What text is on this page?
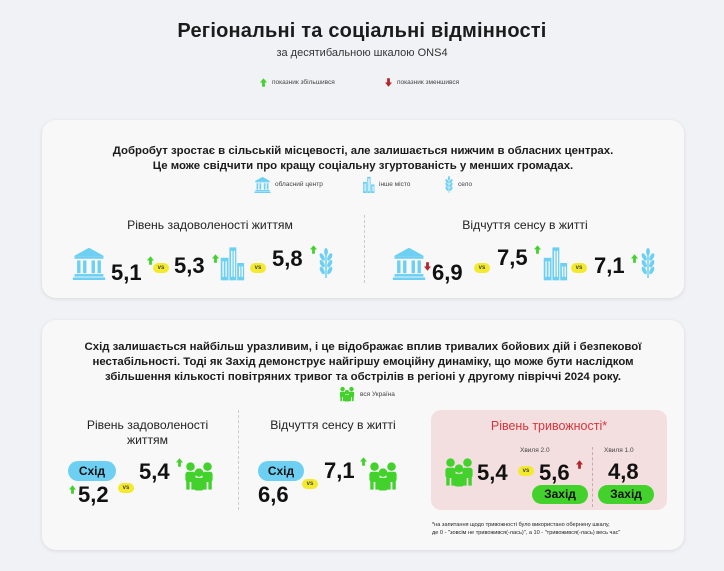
Регіональні та соціальні відмінності
за десятибальною шкалою ONS4
показник збільшився	показник зменшився
Добробут зростає в сільській місцевості, але залишається нижчим в обласних центрах.
Це може свідчити про кращу соціальну згуртованість у менших громадах.
обласний центр	інше місто	село
Рівень задоволеності життям
5,1	vs 5,3	vs 5,8
Відчуття сенсу в житті
6,9	vs 7,5	vs 7,1
Схід залишається найбільш уразливим, і це відображає вплив тривалих бойових дій і безпекової
нестабільності. Тоді як Захід демонструє найгіршу емоційну динаміку, що може бути наслідком
збільшення кількості повітряних тривог та обстрілів в регіоні у другому півріччі 2024 року.
вся Україна
Рівень задоволеності
життям
Схід
5,2	vs
5,4
Відчуття сенсу в житті
Схід
6,6	vs
7,1
Рівень тривожності*
Хвиля 2.0	Хвиля 1.0
5,4	vs 5,6
Захід
4,8
Захід
*на запитання щодо тривожності було використано обернену шкалу,
де 0 - "зовсім не тривожився(-лась)", а 10 - "тривожився(-лась) весь час"
